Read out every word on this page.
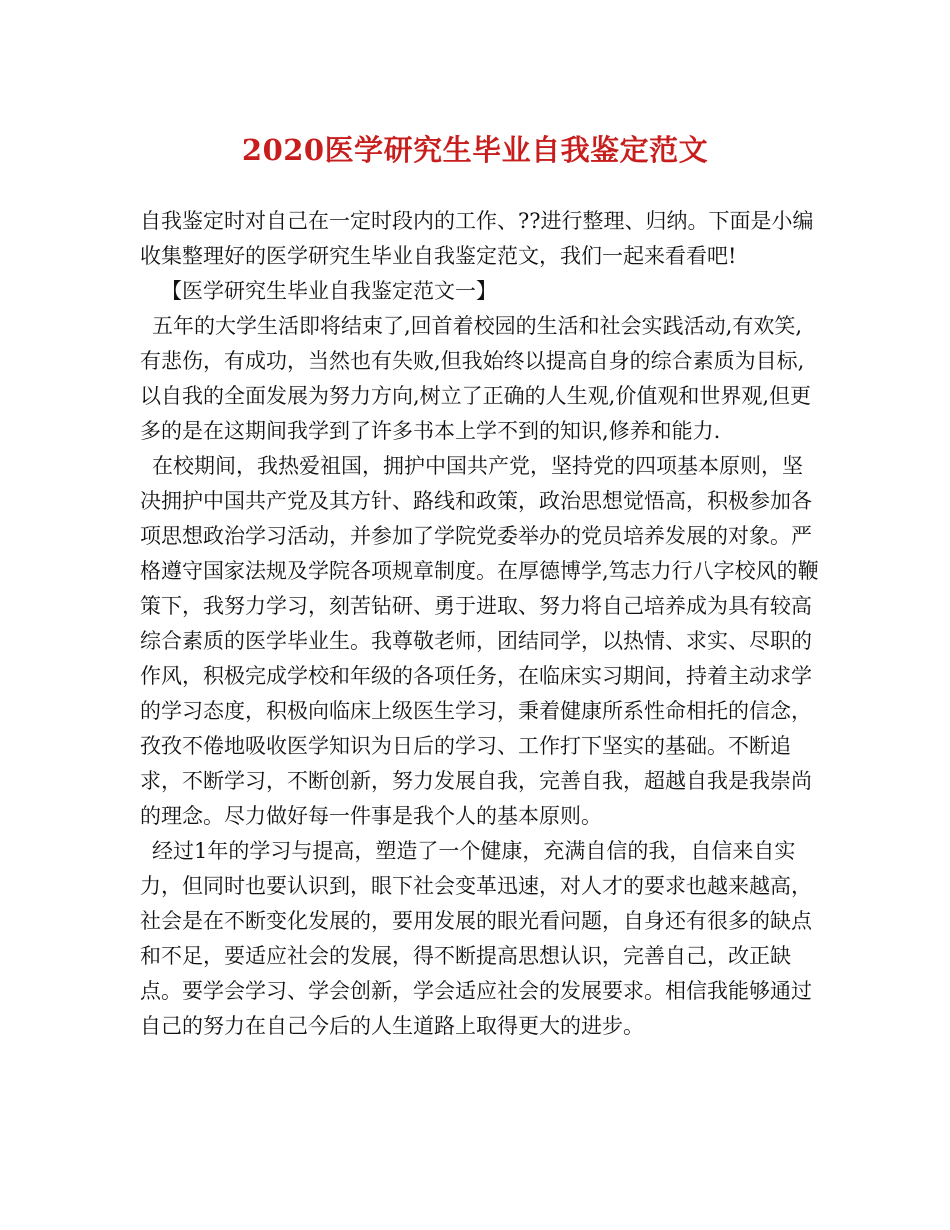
2020医学研究生毕业自我鉴定范文

自我鉴定时对自己在一定时段内的工作、??进行整理、归纳。下面是小编收集整理好的医学研究生毕业自我鉴定范文，我们一起来看看吧!

【医学研究生毕业自我鉴定范文一】

五年的大学生活即将结束了,回首着校园的生活和社会实践活动,有欢笑,有悲伤，有成功，当然也有失败,但我始终以提高自身的综合素质为目标,以自我的全面发展为努力方向,树立了正确的人生观,价值观和世界观,但更多的是在这期间我学到了许多书本上学不到的知识,修养和能力.

在校期间，我热爱祖国，拥护中国共产党，坚持党的四项基本原则，坚决拥护中国共产党及其方针、路线和政策，政治思想觉悟高，积极参加各项思想政治学习活动，并参加了学院党委举办的党员培养发展的对象。严格遵守国家法规及学院各项规章制度。在厚德博学,笃志力行八字校风的鞭策下，我努力学习，刻苦钻研、勇于进取、努力将自己培养成为具有较高综合素质的医学毕业生。我尊敬老师，团结同学，以热情、求实、尽职的作风，积极完成学校和年级的各项任务，在临床实习期间，持着主动求学的学习态度，积极向临床上级医生学习，秉着健康所系性命相托的信念，孜孜不倦地吸收医学知识为日后的学习、工作打下坚实的基础。不断追求，不断学习，不断创新，努力发展自我，完善自我，超越自我是我崇尚的理念。尽力做好每一件事是我个人的基本原则。

经过1年的学习与提高，塑造了一个健康，充满自信的我，自信来自实力，但同时也要认识到，眼下社会变革迅速，对人才的要求也越来越高，社会是在不断变化发展的，要用发展的眼光看问题，自身还有很多的缺点和不足，要适应社会的发展，得不断提高思想认识，完善自己，改正缺点。要学会学习、学会创新，学会适应社会的发展要求。相信我能够通过自己的努力在自己今后的人生道路上取得更大的进步。
